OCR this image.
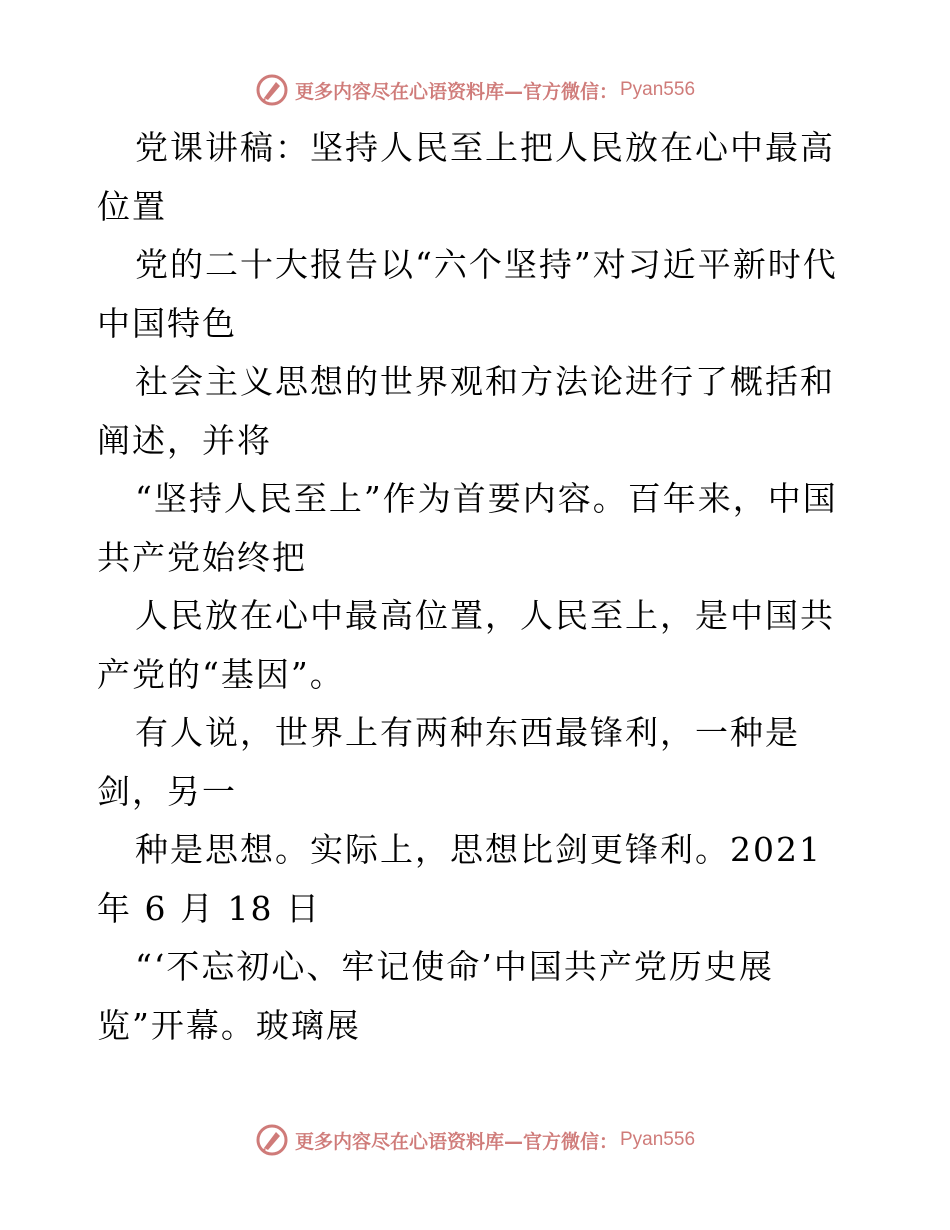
更多内容尽在心语资料库—官方微信： Pyan556

党课讲稿：坚持人民至上把人民放在心中最高位置

党的二十大报告以“六个坚持”对习近平新时代中国特色

社会主义思想的世界观和方法论进行了概括和阐述，并将

“坚持人民至上”作为首要内容。百年来，中国共产党始终把

人民放在心中最高位置，人民至上，是中国共产党的“基因”。

有人说，世界上有两种东西最锋利，一种是剑，另一

种是思想。实际上，思想比剑更锋利。2021 年 6 月 18 日

“‘不忘初心、牢记使命’中国共产党历史展览”开幕。玻璃展

更多内容尽在心语资料库—官方微信： Pyan556
